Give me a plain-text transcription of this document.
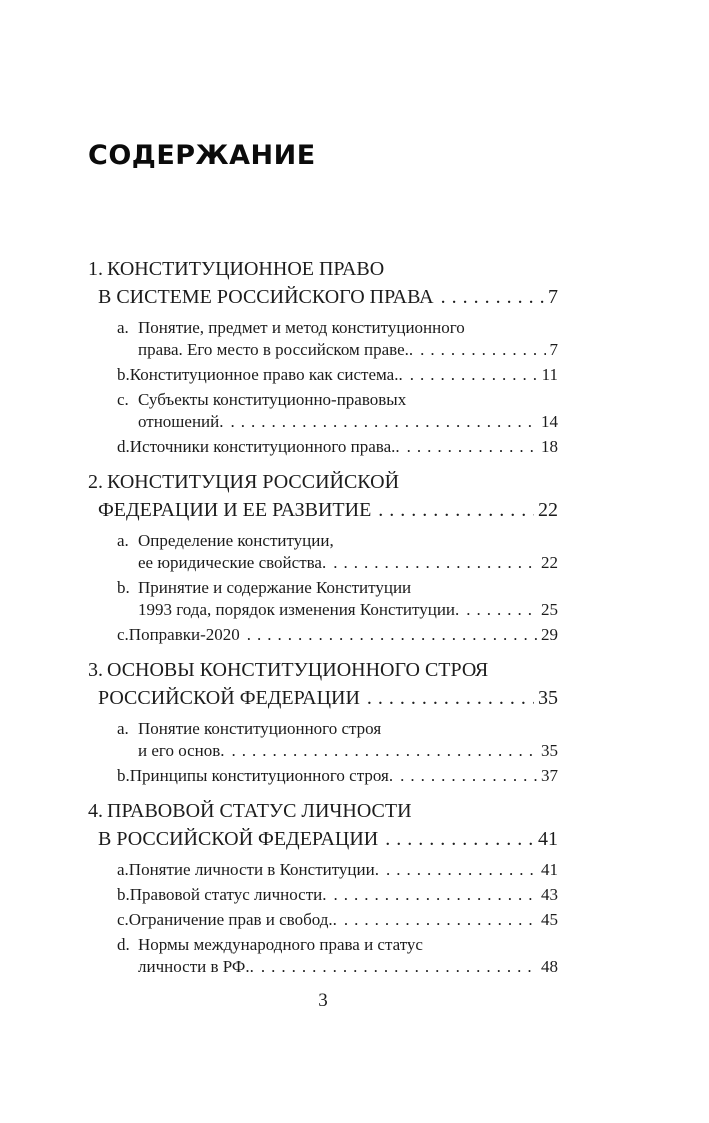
СОДЕРЖАНИЕ
1. КОНСТИТУЦИОННОЕ ПРАВО
В СИСТЕМЕ РОССИЙСКОГО ПРАВА .....	7
a. Понятие, предмет и метод конституционного
права. Его место в российском праве.. .....	7
b. Конституционное право как система.. .....	11
c. Субъекты конституционно-правовых
отношений. .....	14
d. Источники конституционного права.. .....	18
2. КОНСТИТУЦИЯ РОССИЙСКОЙ
ФЕДЕРАЦИИ И ЕЕ РАЗВИТИЕ .....	22
a. Определение конституции,
ее юридические свойства. .....	22
b. Принятие и содержание Конституции
1993 года, порядок изменения Конституции. .....	25
c. Поправки-2020 .....	29
3. ОСНОВЫ КОНСТИТУЦИОННОГО СТРОЯ
РОССИЙСКОЙ ФЕДЕРАЦИИ .....	35
a. Понятие конституционного строя
и его основ. .....	35
b. Принципы конституционного строя. .....	37
4. ПРАВОВОЙ СТАТУС ЛИЧНОСТИ
В РОССИЙСКОЙ ФЕДЕРАЦИИ .....	41
a. Понятие личности в Конституции. .....	41
b. Правовой статус личности. .....	43
c. Ограничение прав и свобод.. .....	45
d. Нормы международного права и статус
личности в РФ.. .....	48
3
